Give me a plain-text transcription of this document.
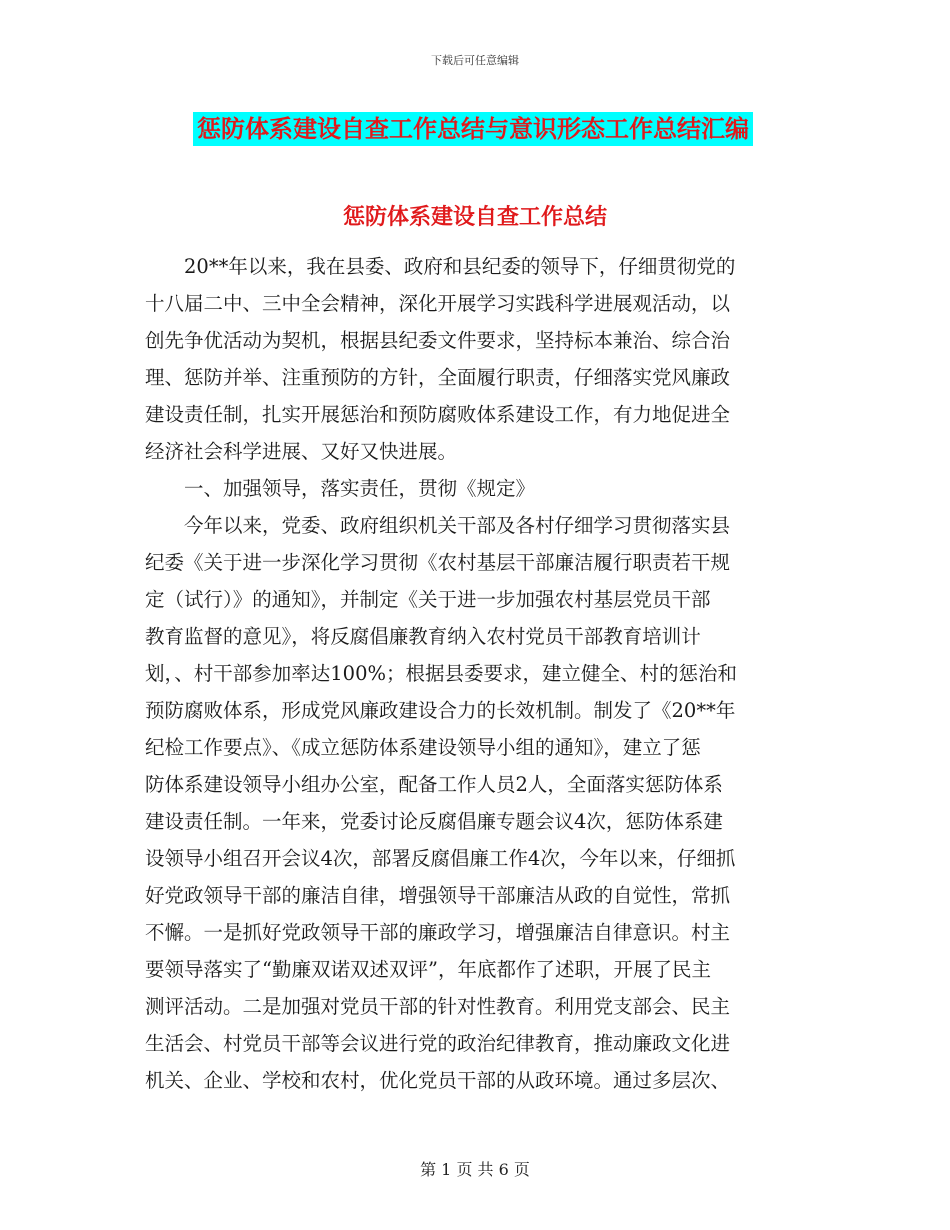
下载后可任意编辑
惩防体系建设自查工作总结与意识形态工作总结汇编
惩防体系建设自查工作总结
　　20**年以来，我在县委、政府和县纪委的领导下，仔细贯彻党的
十八届二中、三中全会精神，深化开展学习实践科学进展观活动，以
创先争优活动为契机，根据县纪委文件要求，坚持标本兼治、综合治
理、惩防并举、注重预防的方针，全面履行职责，仔细落实党风廉政
建设责任制，扎实开展惩治和预防腐败体系建设工作，有力地促进全
经济社会科学进展、又好又快进展。
　　一、加强领导，落实责任，贯彻《规定》
　　今年以来，党委、政府组织机关干部及各村仔细学习贯彻落实县
纪委《关于进一步深化学习贯彻《农村基层干部廉洁履行职责若干规
定（试行）》的通知》，并制定《关于进一步加强农村基层党员干部
教育监督的意见》，将反腐倡廉教育纳入农村党员干部教育培训计
划，、村干部参加率达100%；根据县委要求，建立健全、村的惩治和
预防腐败体系，形成党风廉政建设合力的长效机制。制发了《20**年
纪检工作要点》、《成立惩防体系建设领导小组的通知》，建立了惩
防体系建设领导小组办公室，配备工作人员2人，全面落实惩防体系
建设责任制。一年来，党委讨论反腐倡廉专题会议4次，惩防体系建
设领导小组召开会议4次，部署反腐倡廉工作4次，今年以来，仔细抓
好党政领导干部的廉洁自律，增强领导干部廉洁从政的自觉性，常抓
不懈。一是抓好党政领导干部的廉政学习，增强廉洁自律意识。村主
要领导落实了“勤廉双诺双述双评”，年底都作了述职，开展了民主
测评活动。二是加强对党员干部的针对性教育。利用党支部会、民主
生活会、村党员干部等会议进行党的政治纪律教育，推动廉政文化进
机关、企业、学校和农村，优化党员干部的从政环境。通过多层次、
第 1 页 共 6 页
